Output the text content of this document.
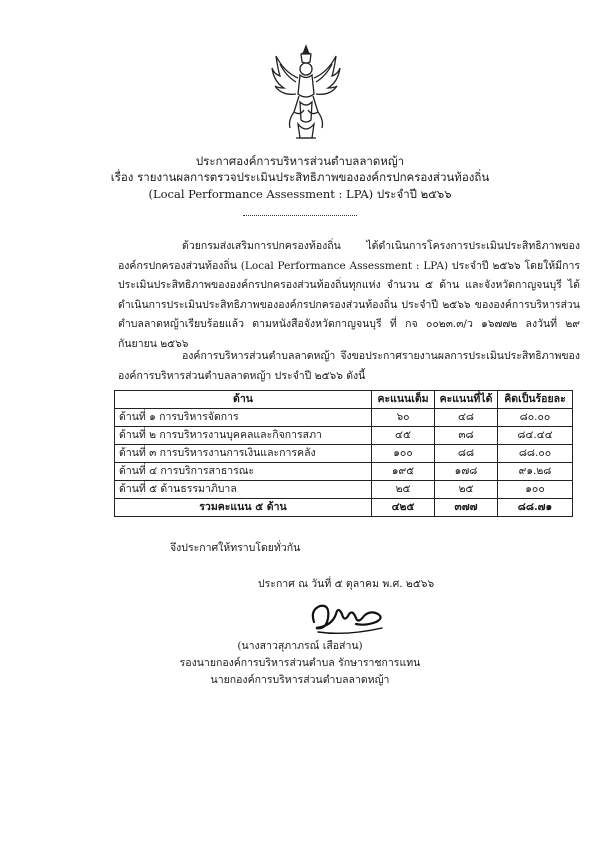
ประกาศองค์การบริหารส่วนตำบลลาดหญ้า
เรื่อง รายงานผลการตรวจประเมินประสิทธิภาพขององค์กรปกครองส่วนท้องถิ่น
(Local Performance Assessment : LPA) ประจำปี ๒๕๖๖
ด้วยกรมส่งเสริมการปกครองท้องถิ่น ได้ดำเนินการโครงการประเมินประสิทธิภาพขององค์กรปกครองส่วนท้องถิ่น (Local Performance Assessment : LPA) ประจำปี ๒๕๖๖ โดยให้มีการประเมินประสิทธิภาพขององค์กรปกครองส่วนท้องถิ่นทุกแห่ง จำนวน ๕ ด้าน และจังหวัดกาญจนบุรี ได้ดำเนินการประเมินประสิทธิภาพขององค์กรปกครองส่วนท้องถิ่น ประจำปี ๒๕๖๖ ขององค์การบริหารส่วนตำบลลาดหญ้าเรียบร้อยแล้ว ตามหนังสือจังหวัดกาญจนบุรี ที่ กจ ๐๐๒๓.๓/ว ๑๖๗๗๒ ลงวันที่ ๒๙ กันยายน ๒๕๖๖
องค์การบริหารส่วนตำบลลาดหญ้า จึงขอประกาศรายงานผลการประเมินประสิทธิภาพขององค์การบริหารส่วนตำบลลาดหญ้า ประจำปี ๒๕๖๖ ดังนี้
ด้าน	คะแนนเต็ม	คะแนนที่ได้	คิดเป็นร้อยละ
ด้านที่ ๑ การบริหารจัดการ	๖๐	๔๘	๘๐.๐๐
ด้านที่ ๒ การบริหารงานบุคคลและกิจการสภา	๔๕	๓๘	๘๔.๔๔
ด้านที่ ๓ การบริหารงานการเงินและการคลัง	๑๐๐	๘๘	๘๘.๐๐
ด้านที่ ๔ การบริการสาธารณะ	๑๙๕	๑๗๘	๙๑.๒๘
ด้านที่ ๕ ด้านธรรมาภิบาล	๒๕	๒๕	๑๐๐
รวมคะแนน ๕ ด้าน	๔๒๕	๓๗๗	๘๘.๗๑
จึงประกาศให้ทราบโดยทั่วกัน
ประกาศ ณ วันที่ ๕ ตุลาคม พ.ศ. ๒๕๖๖
(นางสาวสุภาภรณ์ เสือส่าน)
รองนายกองค์การบริหารส่วนตำบล รักษาราชการแทน
นายกองค์การบริหารส่วนตำบลลาดหญ้า
